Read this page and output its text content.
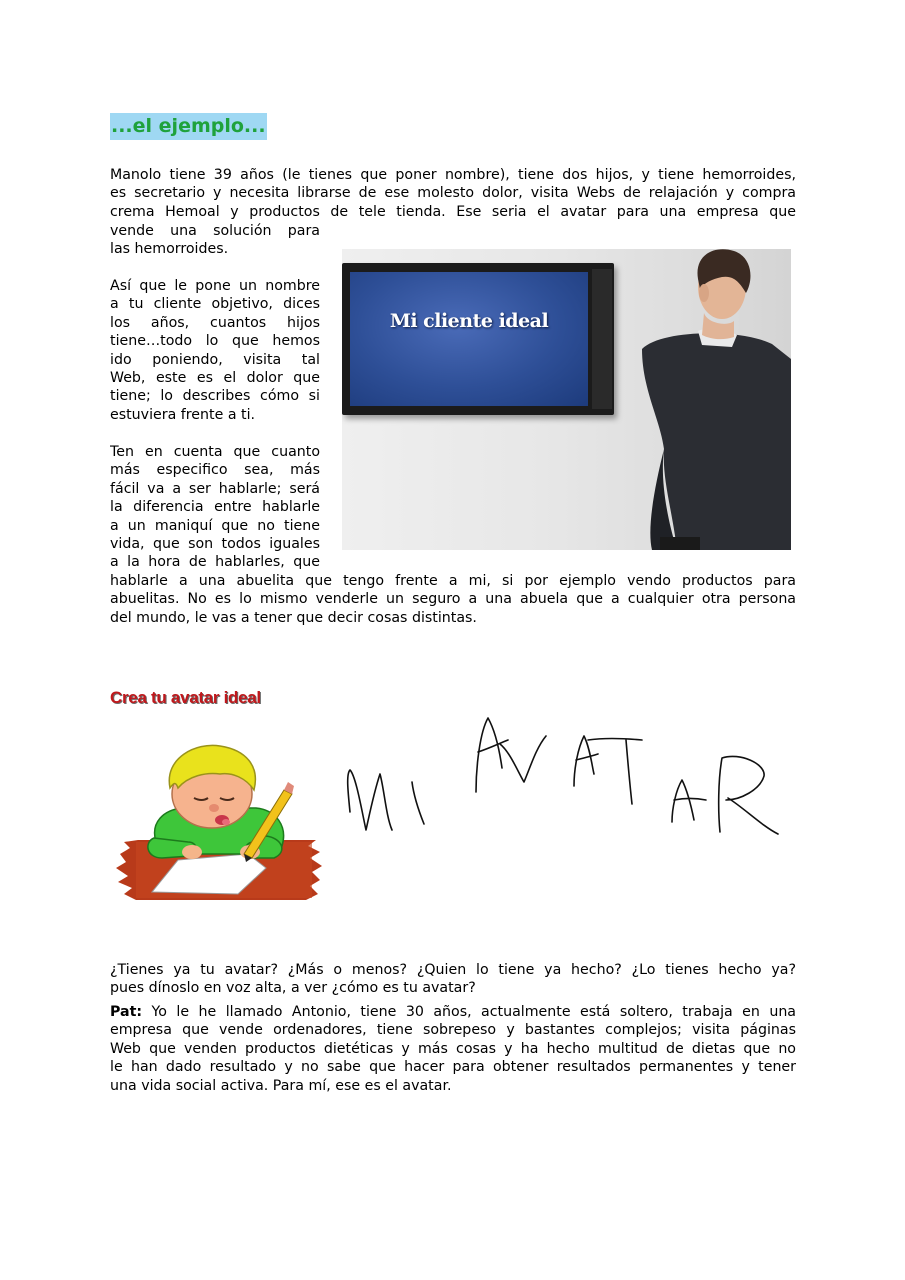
...el ejemplo...
Manolo tiene 39 años (le tienes que poner nombre), tiene dos hijos, y tiene hemorroides,
es secretario y necesita librarse de ese molesto dolor, visita Webs de relajación y compra
crema Hemoal y productos de tele tienda. Ese seria el avatar para una empresa que
vende una solución para
las hemorroides.
Así que le pone un nombre
a tu cliente objetivo, dices
los años, cuantos hijos
tiene…todo lo que hemos
ido poniendo, visita tal
Web, este es el dolor que
tiene; lo describes cómo si
estuviera frente a ti.
Ten en cuenta que cuanto
más especifico sea, más
fácil va a ser hablarle; será
la diferencia entre hablarle
a un maniquí que no tiene
vida, que son todos iguales
a la hora de hablarles, que
hablarle a una abuelita que tengo frente a mi, si por ejemplo vendo productos para
abuelitas. No es lo mismo venderle un seguro a una abuela que a cualquier otra persona
del mundo, le vas a tener que decir cosas distintas.
Mi cliente ideal
Crea tu avatar ideal
¿Tienes ya tu avatar? ¿Más o menos? ¿Quien lo tiene ya hecho? ¿Lo tienes hecho ya?
pues dínoslo en voz alta, a ver ¿cómo es tu avatar?
Pat: Yo le he llamado Antonio, tiene 30 años, actualmente está soltero, trabaja en una
empresa que vende ordenadores, tiene sobrepeso y bastantes complejos; visita páginas
Web que venden productos dietéticas y más cosas y ha hecho multitud de dietas que no
le han dado resultado y no sabe que hacer para obtener resultados permanentes y tener
una vida social activa. Para mí, ese es el avatar.
